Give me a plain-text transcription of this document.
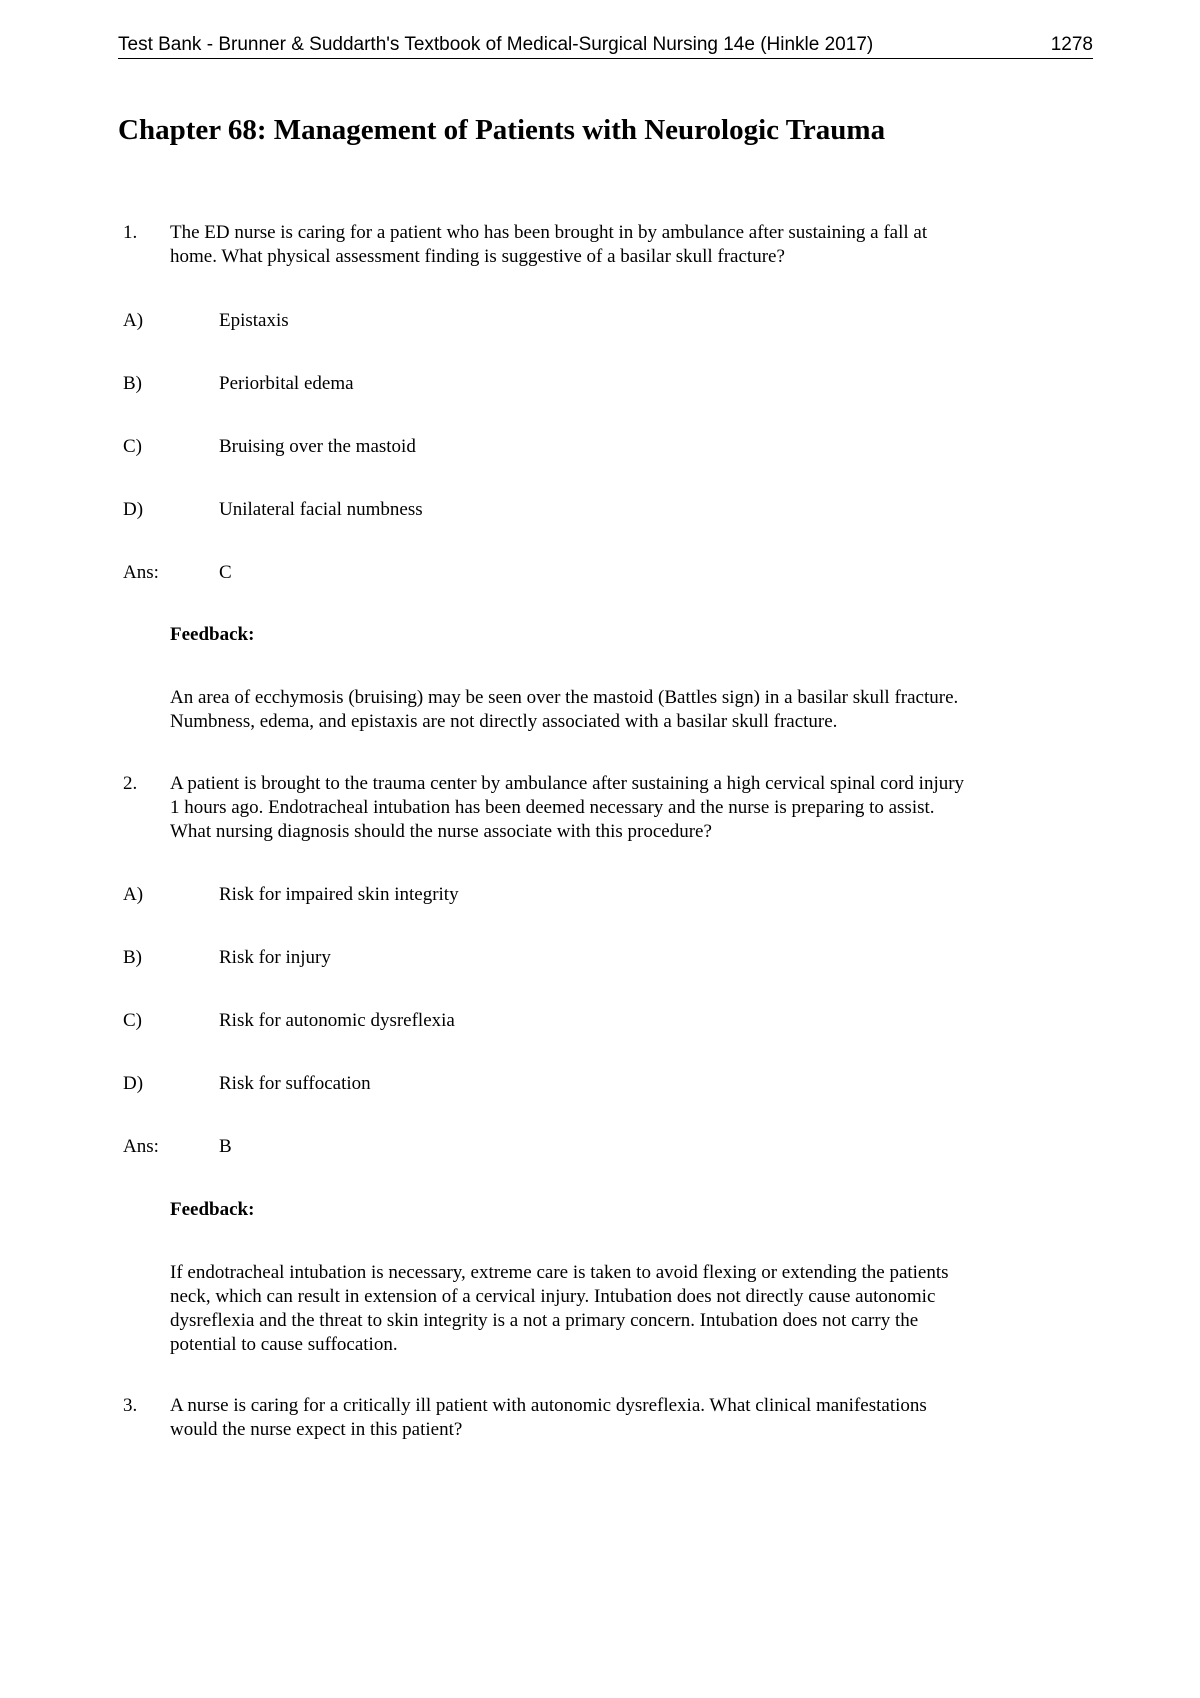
Test Bank - Brunner & Suddarth's Textbook of Medical-Surgical Nursing 14e (Hinkle 2017)	1278
Chapter 68: Management of Patients with Neurologic Trauma
1. The ED nurse is caring for a patient who has been brought in by ambulance after sustaining a fall at
home. What physical assessment finding is suggestive of a basilar skull fracture?
A)	Epistaxis
B)	Periorbital edema
C)	Bruising over the mastoid
D)	Unilateral facial numbness
Ans:	C
Feedback:
An area of ecchymosis (bruising) may be seen over the mastoid (Battles sign) in a basilar skull fracture.
Numbness, edema, and epistaxis are not directly associated with a basilar skull fracture.
2. A patient is brought to the trauma center by ambulance after sustaining a high cervical spinal cord injury
1 hours ago. Endotracheal intubation has been deemed necessary and the nurse is preparing to assist.
What nursing diagnosis should the nurse associate with this procedure?
A)	Risk for impaired skin integrity
B)	Risk for injury
C)	Risk for autonomic dysreflexia
D)	Risk for suffocation
Ans:	B
Feedback:
If endotracheal intubation is necessary, extreme care is taken to avoid flexing or extending the patients
neck, which can result in extension of a cervical injury. Intubation does not directly cause autonomic
dysreflexia and the threat to skin integrity is a not a primary concern. Intubation does not carry the
potential to cause suffocation.
3. A nurse is caring for a critically ill patient with autonomic dysreflexia. What clinical manifestations
would the nurse expect in this patient?
